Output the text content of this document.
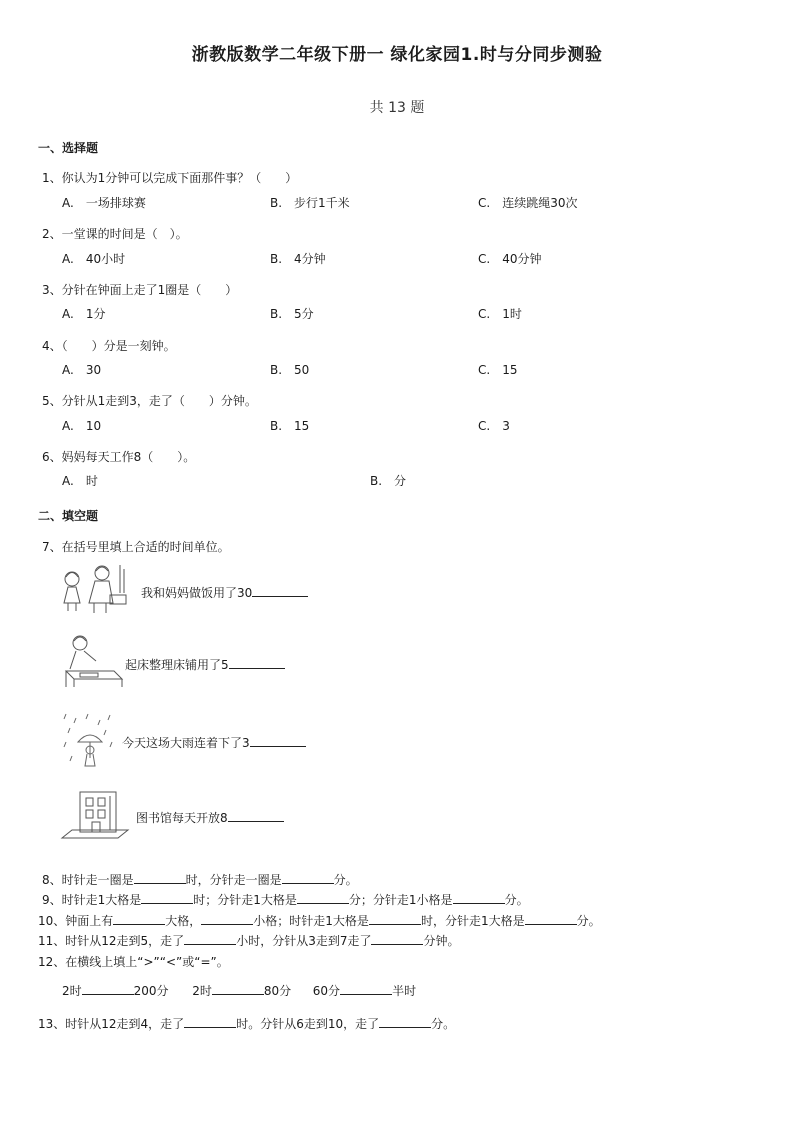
浙教版数学二年级下册一 绿化家园1.时与分同步测验
共 13 题
一、选择题
1、你认为1分钟可以完成下面那件事？（　　）
A.　一场排球赛	B.　步行1千米	C.　连续跳绳30次
2、一堂课的时间是（　）。
A.　40小时	B.　4分钟	C.　40分钟
3、分针在钟面上走了1圈是（　　）
A.　1分	B.　5分	C.　1时
4、（　　）分是一刻钟。
A.　30	B.　50	C.　15
5、分针从1走到3，走了（　　）分钟。
A.　10	B.　15	C.　3
6、妈妈每天工作8（　　）。
A.　时	B.　分
二、填空题
7、在括号里填上合适的时间单位。
我和妈妈做饭用了30
起床整理床铺用了5
今天这场大雨连着下了3
图书馆每天开放8
8、时针走一圈是	时，分针走一圈是	分。
9、时针走1大格是	时；分针走1大格是	分；分针走1小格是	分。
10、钟面上有	大格，	小格；时针走1大格是	时，分针走1大格是	分。
11、时针从12走到5，走了	小时，分针从3走到7走了	分钟。
12、在横线上填上“>”“<”或“=”。
2时	200分 2时	80分 60分	半时
13、时针从12走到4，走了	时。分针从6走到10，走了	分。
